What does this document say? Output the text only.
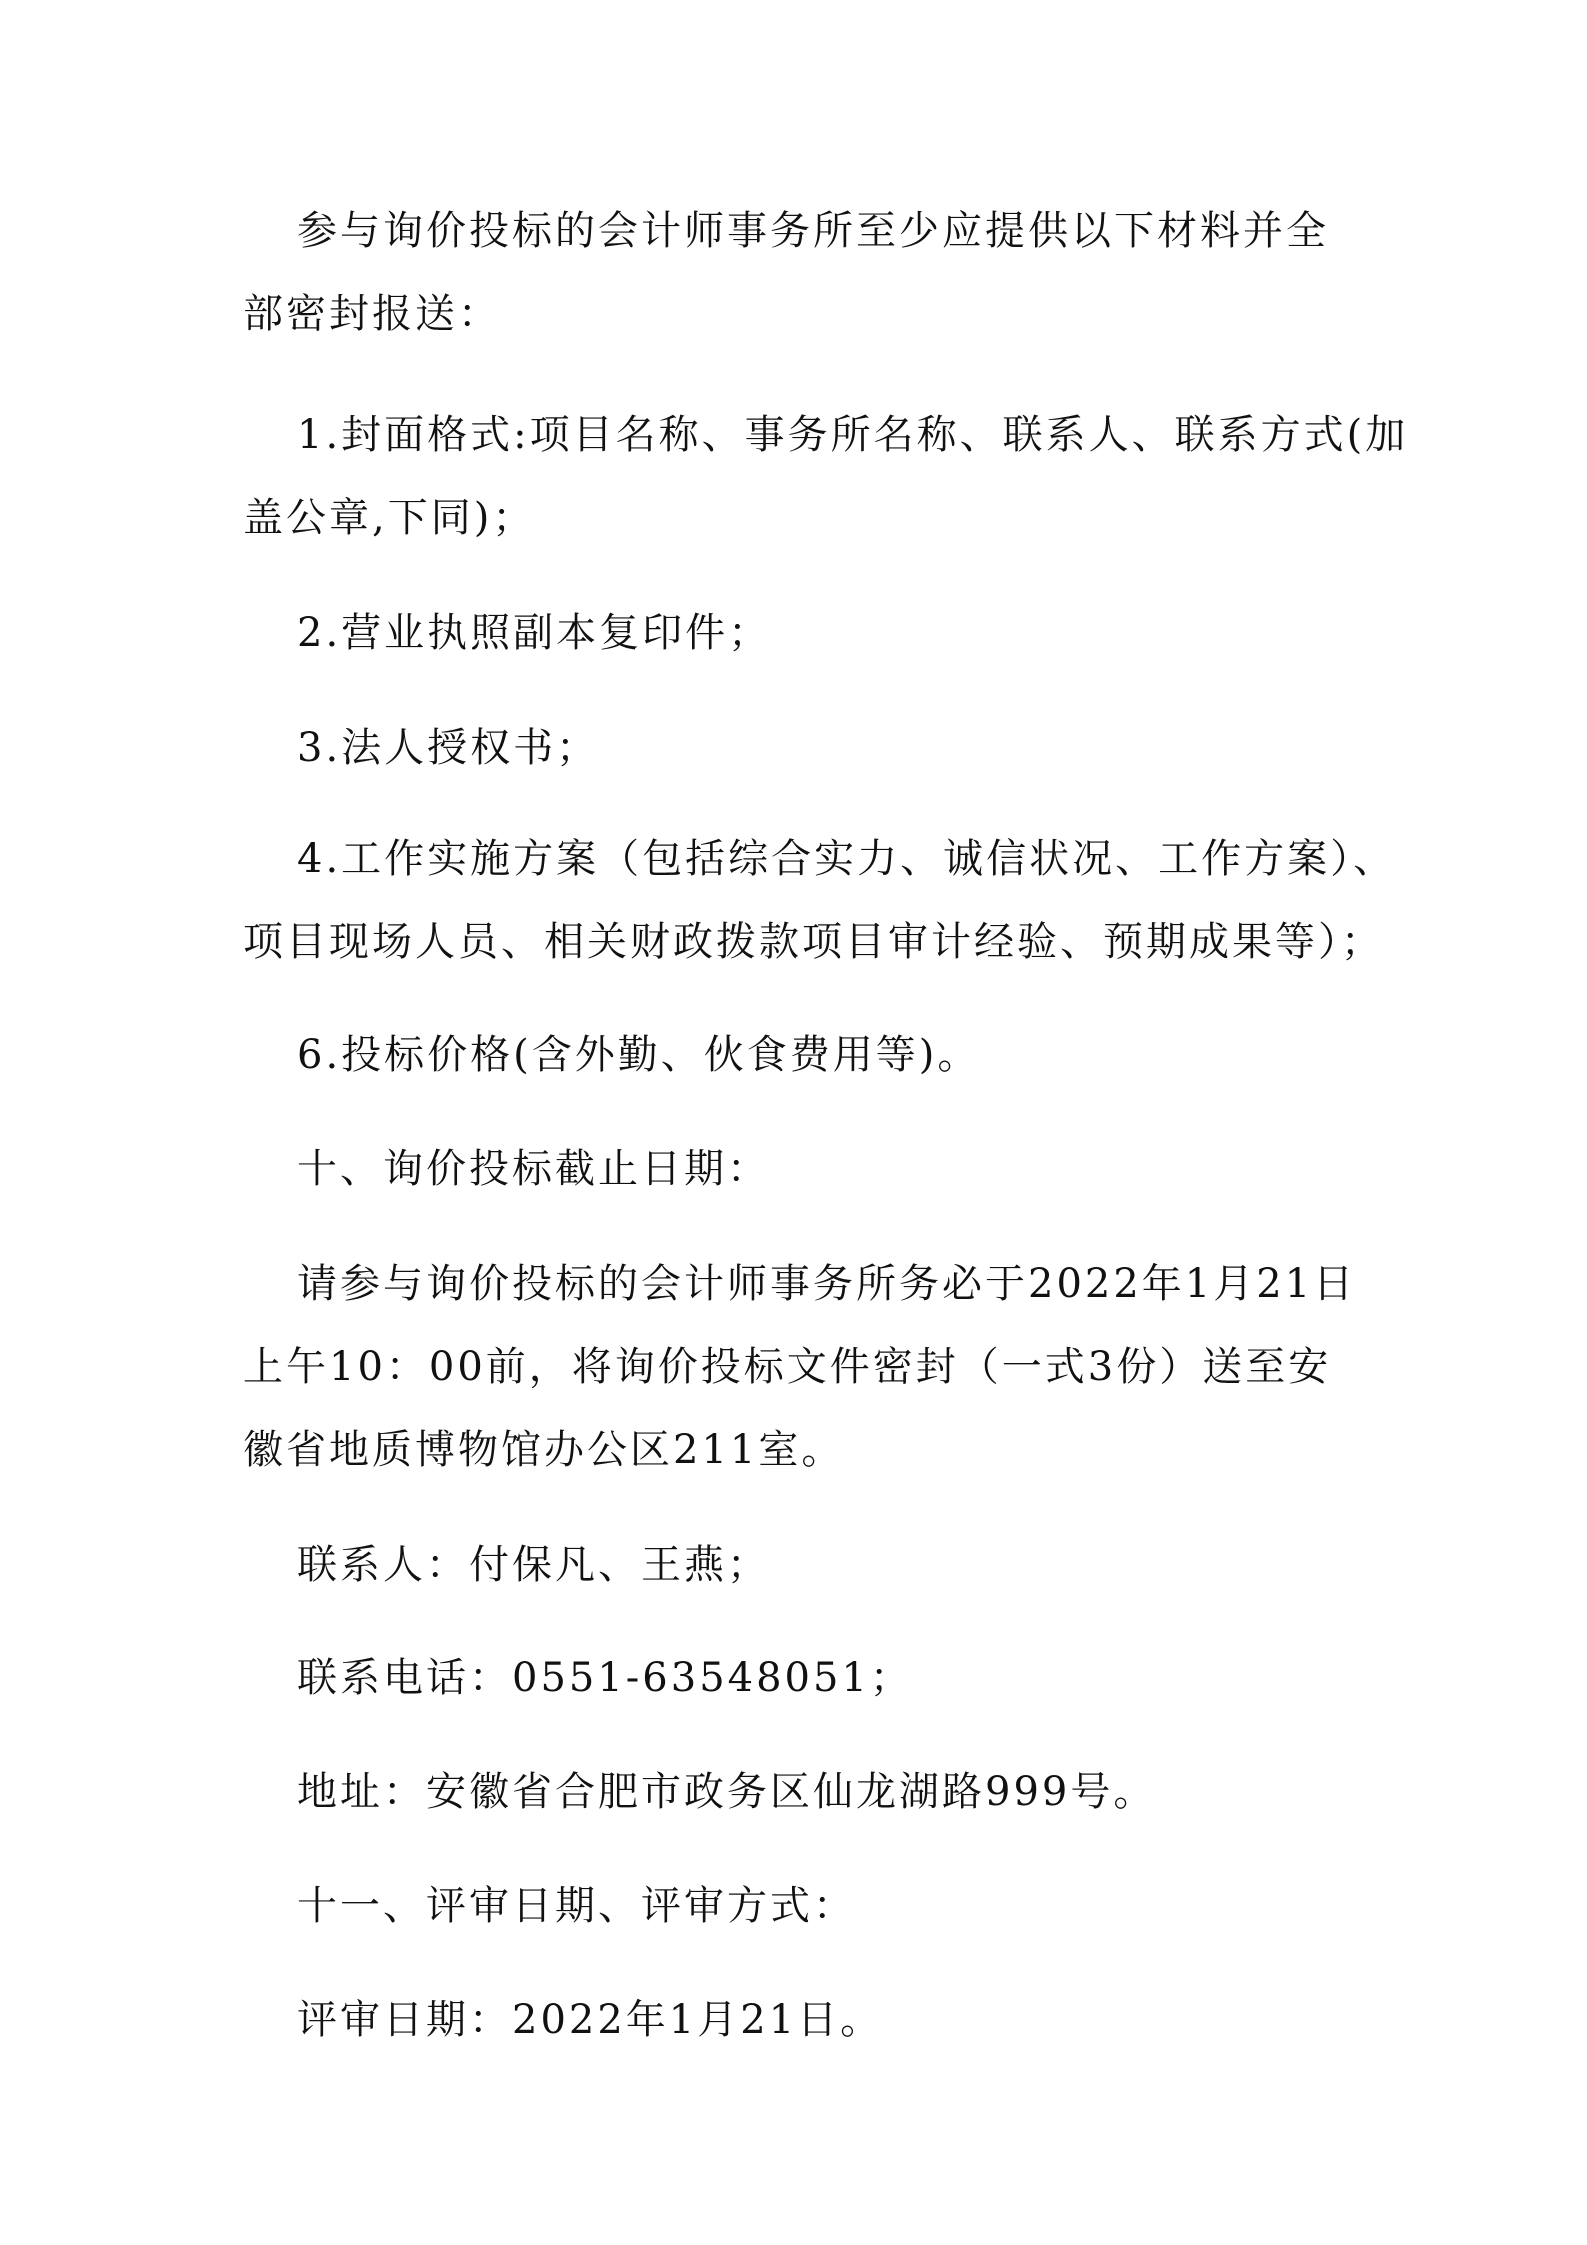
参与询价投标的会计师事务所至少应提供以下材料并全
部密封报送：

1.封面格式:项目名称、事务所名称、联系人、联系方式(加
盖公章,下同)；

2.营业执照副本复印件；

3.法人授权书；

4.工作实施方案（包括综合实力、诚信状况、工作方案）、
项目现场人员、相关财政拨款项目审计经验、预期成果等）；

6.投标价格(含外勤、伙食费用等)。

十、询价投标截止日期：

请参与询价投标的会计师事务所务必于2022年1月21日
上午10：00前，将询价投标文件密封（一式3份）送至安
徽省地质博物馆办公区211室。

联系人：付保凡、王燕；

联系电话：0551-63548051；

地址：安徽省合肥市政务区仙龙湖路999号。

十一、评审日期、评审方式：

评审日期：2022年1月21日。
